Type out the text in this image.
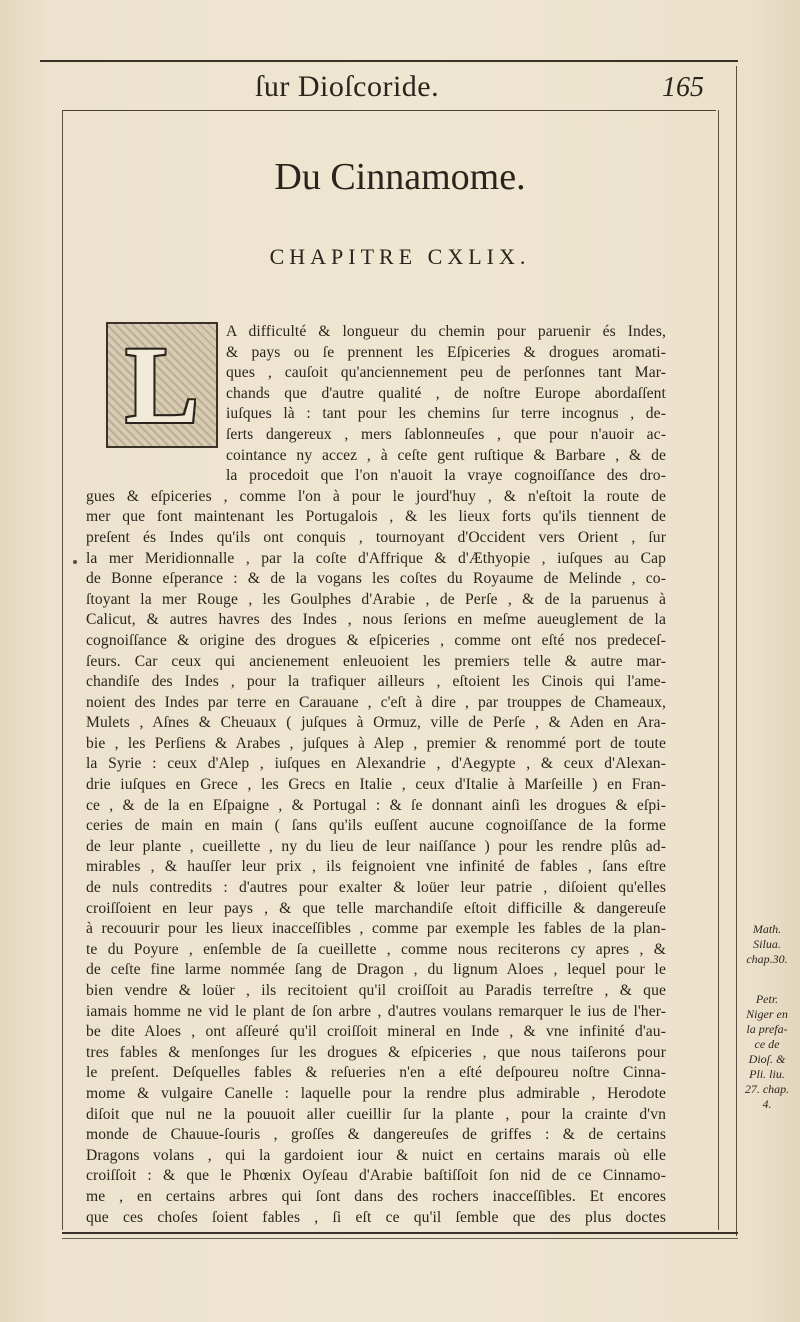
ſur Dioſcoride.	165
Du Cinnamome.
CHAPITRE CXLIX.
L	A difficulté & longueur du chemin pour paruenir és Indes,
& pays ou ſe prennent les Eſpiceries & drogues aromati-
ques , cauſoit qu'anciennement peu de perſonnes tant Mar-
chands que d'autre qualité , de noſtre Europe abordaſſent
iuſques là : tant pour les chemins ſur terre incognus , de-
ſerts dangereux , mers ſablonneuſes , que pour n'auoir ac-
cointance ny accez , à ceſte gent ruſtique & Barbare , & de
la procedoit que l'on n'auoit la vraye cognoiſſance des dro-
gues & eſpiceries , comme l'on à pour le jourd'huy , & n'eſtoit la route de
mer que font maintenant les Portugalois , & les lieux forts qu'ils tiennent de
preſent és Indes qu'ils ont conquis , tournoyant d'Occident vers Orient , ſur
la mer Meridionnalle , par la coſte d'Affrique & d'Æthyopie , iuſques au Cap
de Bonne eſperance : & de la vogans les coſtes du Royaume de Melinde , co-
ſtoyant la mer Rouge , les Goulphes d'Arabie , de Perſe , & de la paruenus à
Calicut, & autres havres des Indes , nous ſerions en meſme aueuglement de la
cognoiſſance & origine des drogues & eſpiceries , comme ont eſté nos predeceſ-
ſeurs. Car ceux qui ancienement enleuoient les premiers telle & autre mar-
chandiſe des Indes , pour la trafiquer ailleurs , eſtoient les Cinois qui l'ame-
noient des Indes par terre en Carauane , c'eſt à dire , par trouppes de Chameaux,
Mulets , Aſnes & Cheuaux ( juſques à Ormuz, ville de Perſe , & Aden en Ara-
bie , les Perſiens & Arabes , juſques à Alep , premier & renommé port de toute
la Syrie : ceux d'Alep , iuſques en Alexandrie , d'Aegypte , & ceux d'Alexan-
drie iuſques en Grece , les Grecs en Italie , ceux d'Italie à Marſeille ) en Fran-
ce , & de la en Eſpaigne , & Portugal : & ſe donnant ainſi les drogues & eſpi-
ceries de main en main ( ſans qu'ils euſſent aucune cognoiſſance de la forme
de leur plante , cueillette , ny du lieu de leur naiſſance ) pour les rendre plûs ad-
mirables , & hauſſer leur prix , ils feignoient vne infinité de fables , ſans eſtre
de nuls contredits : d'autres pour exalter & loüer leur patrie , diſoient qu'elles
croiſſoient en leur pays , & que telle marchandiſe eſtoit difficille & dangereuſe
à recouurir pour les lieux inacceſſibles , comme par exemple les fables de la plan-
te du Poyure , enſemble de ſa cueillette , comme nous reciterons cy apres , &
de ceſte fine larme nommée ſang de Dragon , du lignum Aloes , lequel pour le
bien vendre & loüer , ils recitoient qu'il croiſſoit au Paradis terreſtre , & que
iamais homme ne vid le plant de ſon arbre , d'autres voulans remarquer le ius de l'her-
be dite Aloes , ont aſſeuré qu'il croiſſoit mineral en Inde , & vne infinité d'au-
tres fables & menſonges ſur les drogues & eſpiceries , que nous taiſerons pour
le preſent. Deſquelles fables & reſueries n'en a eſté deſpoureu noſtre Cinna-
mome & vulgaire Canelle : laquelle pour la rendre plus admirable , Herodote
diſoit que nul ne la pouuoit aller cueillir ſur la plante , pour la crainte d'vn
monde de Chauue-ſouris , groſſes & dangereuſes de griffes : & de certains
Dragons volans , qui la gardoient iour & nuict en certains marais où elle
croiſſoit : & que le Phœnix Oyſeau d'Arabie baſtiſſoit ſon nid de ce Cinnamo-
me , en certains arbres qui ſont dans des rochers inacceſſibles. Et encores
que ces choſes ſoient fables , ſi eſt ce qu'il ſemble que des plus doctes
Math.
Silua.
chap.30.
Petr.
Niger en
la prefa-
ce de
Dioſ. &
Pli. liu.
27. chap.
4.
